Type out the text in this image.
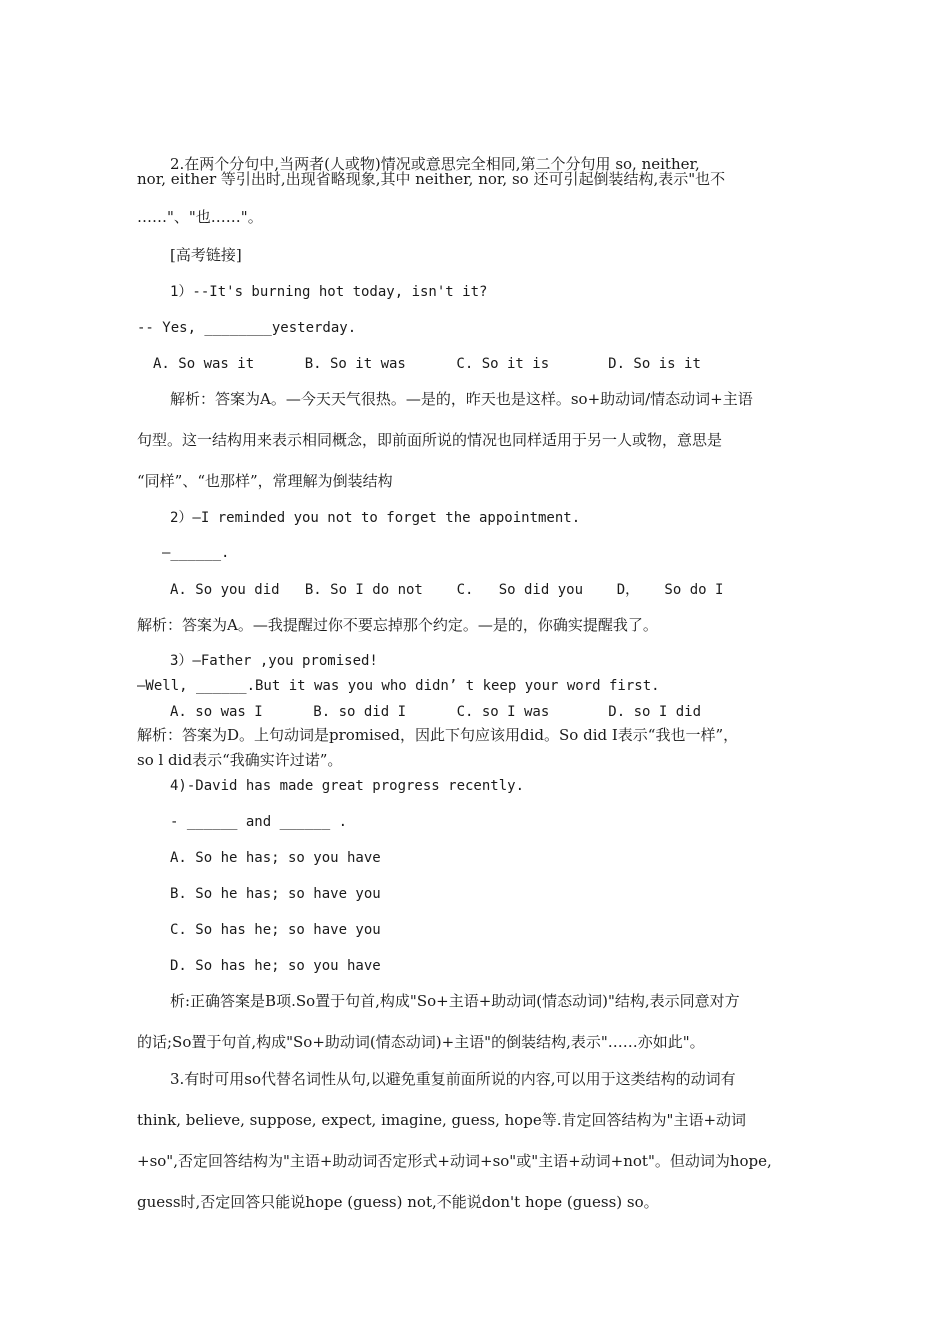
2.在两个分句中,当两者(人或物)情况或意思完全相同,第二个分句用 so, neither,

nor, either 等引出时,出现省略现象,其中 neither, nor, so 还可引起倒装结构,表示"也不

……"、"也……"。

[高考链接]

1）--It's burning hot today, isn't it?

-- Yes, ________yesterday.

A. So was it      B. So it was      C. So it is       D. So is it

解析：答案为A。—今天天气很热。—是的，昨天也是这样。so+助动词/情态动词+主语

句型。这一结构用来表示相同概念，即前面所说的情况也同样适用于另一人或物，意思是

“同样”、“也那样”，常理解为倒装结构

2）—I reminded you not to forget the appointment.

—______.

A. So you did   B. So I do not    C.   So did you    D，   So do I

解析：答案为A。—我提醒过你不要忘掉那个约定。—是的，你确实提醒我了。

3）—Father ,you promised!

—Well, ______.But it was you who didn’ t keep your word first.

A. so was I      B. so did I      C. so I was       D. so I did

解析：答案为D。上句动词是promised，因此下句应该用did。So did I表示“我也一样”，

so l did表示“我确实许过诺”。

4)-David has made great progress recently.

- ______ and ______ .

A. So he has; so you have

B. So he has; so have you

C. So has he; so have you

D. So has he; so you have

析:正确答案是B项.So置于句首,构成"So+主语+助动词(情态动词)"结构,表示同意对方

的话;So置于句首,构成"So+助动词(情态动词)+主语"的倒装结构,表示"……亦如此"。

3.有时可用so代替名词性从句,以避免重复前面所说的内容,可以用于这类结构的动词有

think, believe, suppose, expect, imagine, guess, hope等.肯定回答结构为"主语+动词

+so",否定回答结构为"主语+助动词否定形式+动词+so"或"主语+动词+not"。但动词为hope,

guess时,否定回答只能说hope (guess) not,不能说don't hope (guess) so。
